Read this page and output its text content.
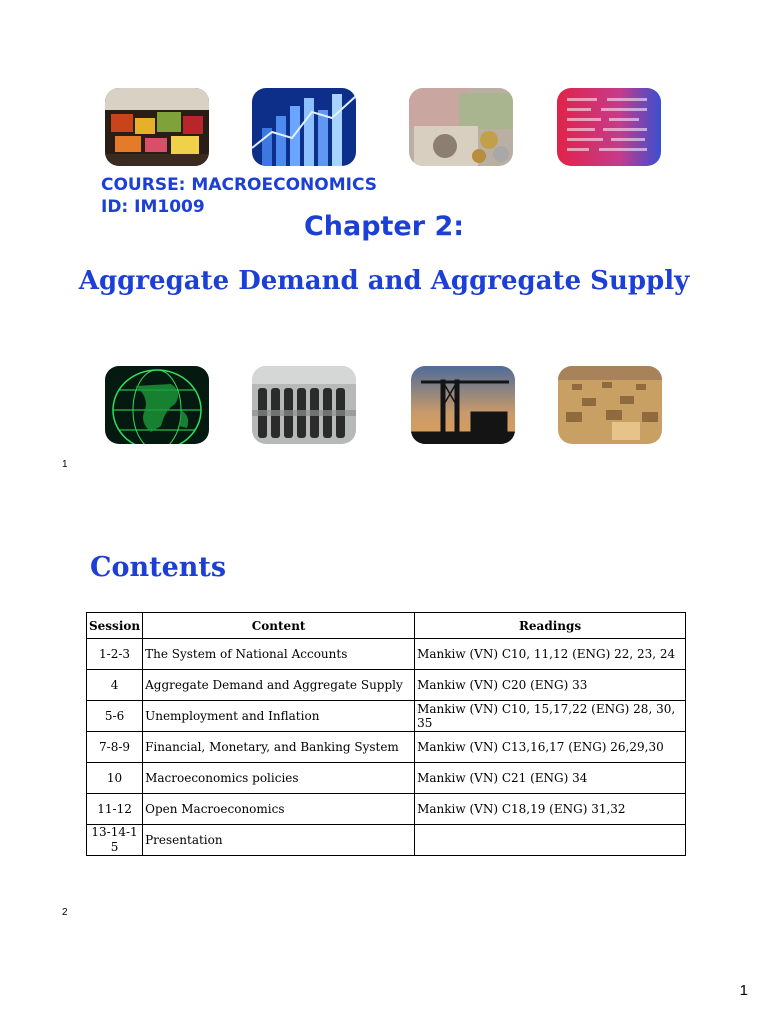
COURSE: MACROECONOMICS
ID: IM1009
Chapter 2:
Aggregate Demand and Aggregate Supply
1
Contents
Session	Content	Readings
1-2-3	The System of National Accounts	Mankiw (VN) C10, 11,12 (ENG) 22, 23, 24
4	Aggregate Demand and Aggregate Supply	Mankiw (VN) C20 (ENG) 33
5-6	Unemployment and Inflation	Mankiw (VN) C10, 15,17,22 (ENG) 28, 30, 35
7-8-9	Financial, Monetary, and Banking System	Mankiw (VN) C13,16,17 (ENG) 26,29,30
10	Macroeconomics policies	Mankiw (VN) C21 (ENG) 34
11-12	Open Macroeconomics	Mankiw (VN) C18,19 (ENG) 31,32
13-14-15	Presentation	
2
1
